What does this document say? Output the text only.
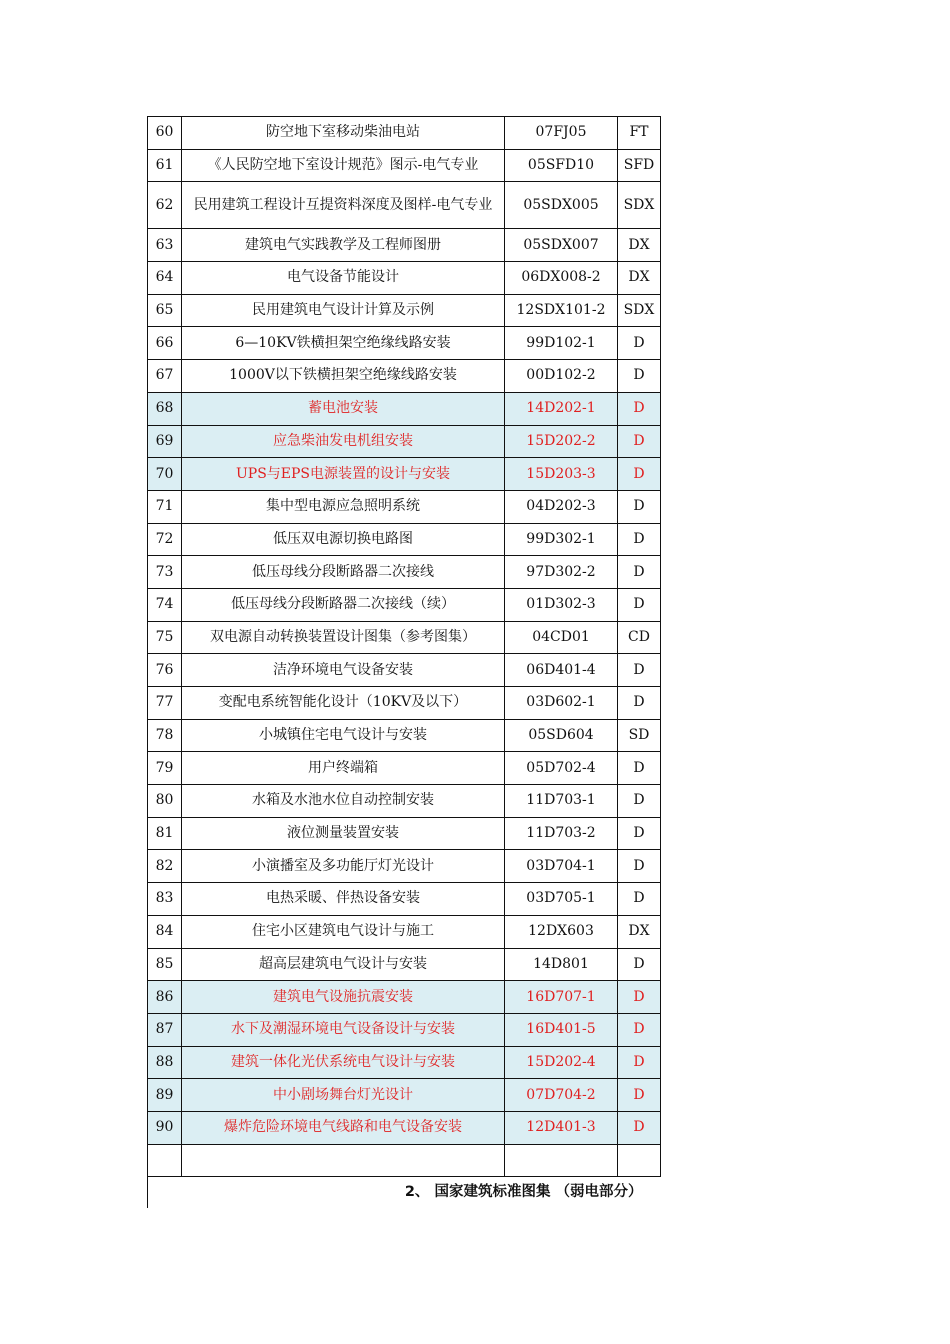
60	防空地下室移动柴油电站	07FJ05	FT
61	《人民防空地下室设计规范》图示-电气专业	05SFD10	SFD
62	民用建筑工程设计互提资料深度及图样-电气专业	05SDX005	SDX
63	建筑电气实践教学及工程师图册	05SDX007	DX
64	电气设备节能设计	06DX008-2	DX
65	民用建筑电气设计计算及示例	12SDX101-2	SDX
66	6—10KV铁横担架空绝缘线路安装	99D102-1	D
67	1000V以下铁横担架空绝缘线路安装	00D102-2	D
68	蓄电池安装	14D202-1	D
69	应急柴油发电机组安装	15D202-2	D
70	UPS与EPS电源装置的设计与安装	15D203-3	D
71	集中型电源应急照明系统	04D202-3	D
72	低压双电源切换电路图	99D302-1	D
73	低压母线分段断路器二次接线	97D302-2	D
74	低压母线分段断路器二次接线（续）	01D302-3	D
75	双电源自动转换装置设计图集（参考图集）	04CD01	CD
76	洁净环境电气设备安装	06D401-4	D
77	变配电系统智能化设计（10KV及以下）	03D602-1	D
78	小城镇住宅电气设计与安装	05SD604	SD
79	用户终端箱	05D702-4	D
80	水箱及水池水位自动控制安装	11D703-1	D
81	液位测量装置安装	11D703-2	D
82	小演播室及多功能厅灯光设计	03D704-1	D
83	电热采暖、伴热设备安装	03D705-1	D
84	住宅小区建筑电气设计与施工	12DX603	DX
85	超高层建筑电气设计与安装	14D801	D
86	建筑电气设施抗震安装	16D707-1	D
87	水下及潮湿环境电气设备设计与安装	16D401-5	D
88	建筑一体化光伏系统电气设计与安装	15D202-4	D
89	中小剧场舞台灯光设计	07D704-2	D
90	爆炸危险环境电气线路和电气设备安装	12D401-3	D

2、 国家建筑标准图集 （弱电部分）			
